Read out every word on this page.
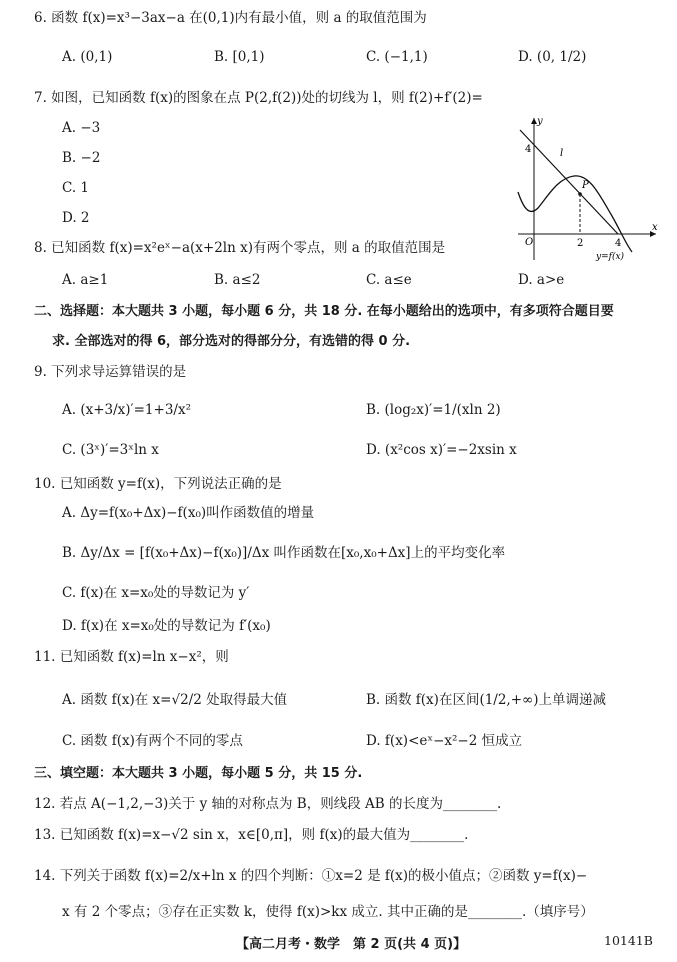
6. 函数 f(x)=x³−3ax−a 在(0,1)内有最小值，则 a 的取值范围为
A. (0,1)	B. [0,1)	C. (−1,1)	D. (0, 1/2)
7. 如图，已知函数 f(x)的图象在点 P(2,f(2))处的切线为 l，则 f(2)+f′(2)=
A. −3
B. −2
C. 1
D. 2
y
x
O
4	l
P
2	4
y=f(x)
8. 已知函数 f(x)=x²eˣ−a(x+2ln x)有两个零点，则 a 的取值范围是
A. a≥1	B. a≤2	C. a≤e	D. a>e
二、选择题：本大题共 3 小题，每小题 6 分，共 18 分. 在每小题给出的选项中，有多项符合题目要
求. 全部选对的得 6，部分选对的得部分分，有选错的得 0 分.
9. 下列求导运算错误的是
A. (x+3/x)′=1+3/x²	B. (log₂x)′=1/(xln 2)
C. (3ˣ)′=3ˣln x	D. (x²cos x)′=−2xsin x
10. 已知函数 y=f(x)，下列说法正确的是
A. Δy=f(x₀+Δx)−f(x₀)叫作函数值的增量
B. Δy/Δx = [f(x₀+Δx)−f(x₀)]/Δx 叫作函数在[x₀,x₀+Δx]上的平均变化率
C. f(x)在 x=x₀处的导数记为 y′
D. f(x)在 x=x₀处的导数记为 f′(x₀)
11. 已知函数 f(x)=ln x−x²，则
A. 函数 f(x)在 x=√2/2 处取得最大值	B. 函数 f(x)在区间(1/2,+∞)上单调递减
C. 函数 f(x)有两个不同的零点	D. f(x)<eˣ−x²−2 恒成立
三、填空题：本大题共 3 小题，每小题 5 分，共 15 分.
12. 若点 A(−1,2,−3)关于 y 轴的对称点为 B，则线段 AB 的长度为________.
13. 已知函数 f(x)=x−√2 sin x，x∈[0,π]，则 f(x)的最大值为________.
14. 下列关于函数 f(x)=2/x+ln x 的四个判断：①x=2 是 f(x)的极小值点；②函数 y=f(x)−
x 有 2 个零点；③存在正实数 k，使得 f(x)>kx 成立. 其中正确的是________.（填序号）
【高二月考・数学　第 2 页(共 4 页)】	10141B
